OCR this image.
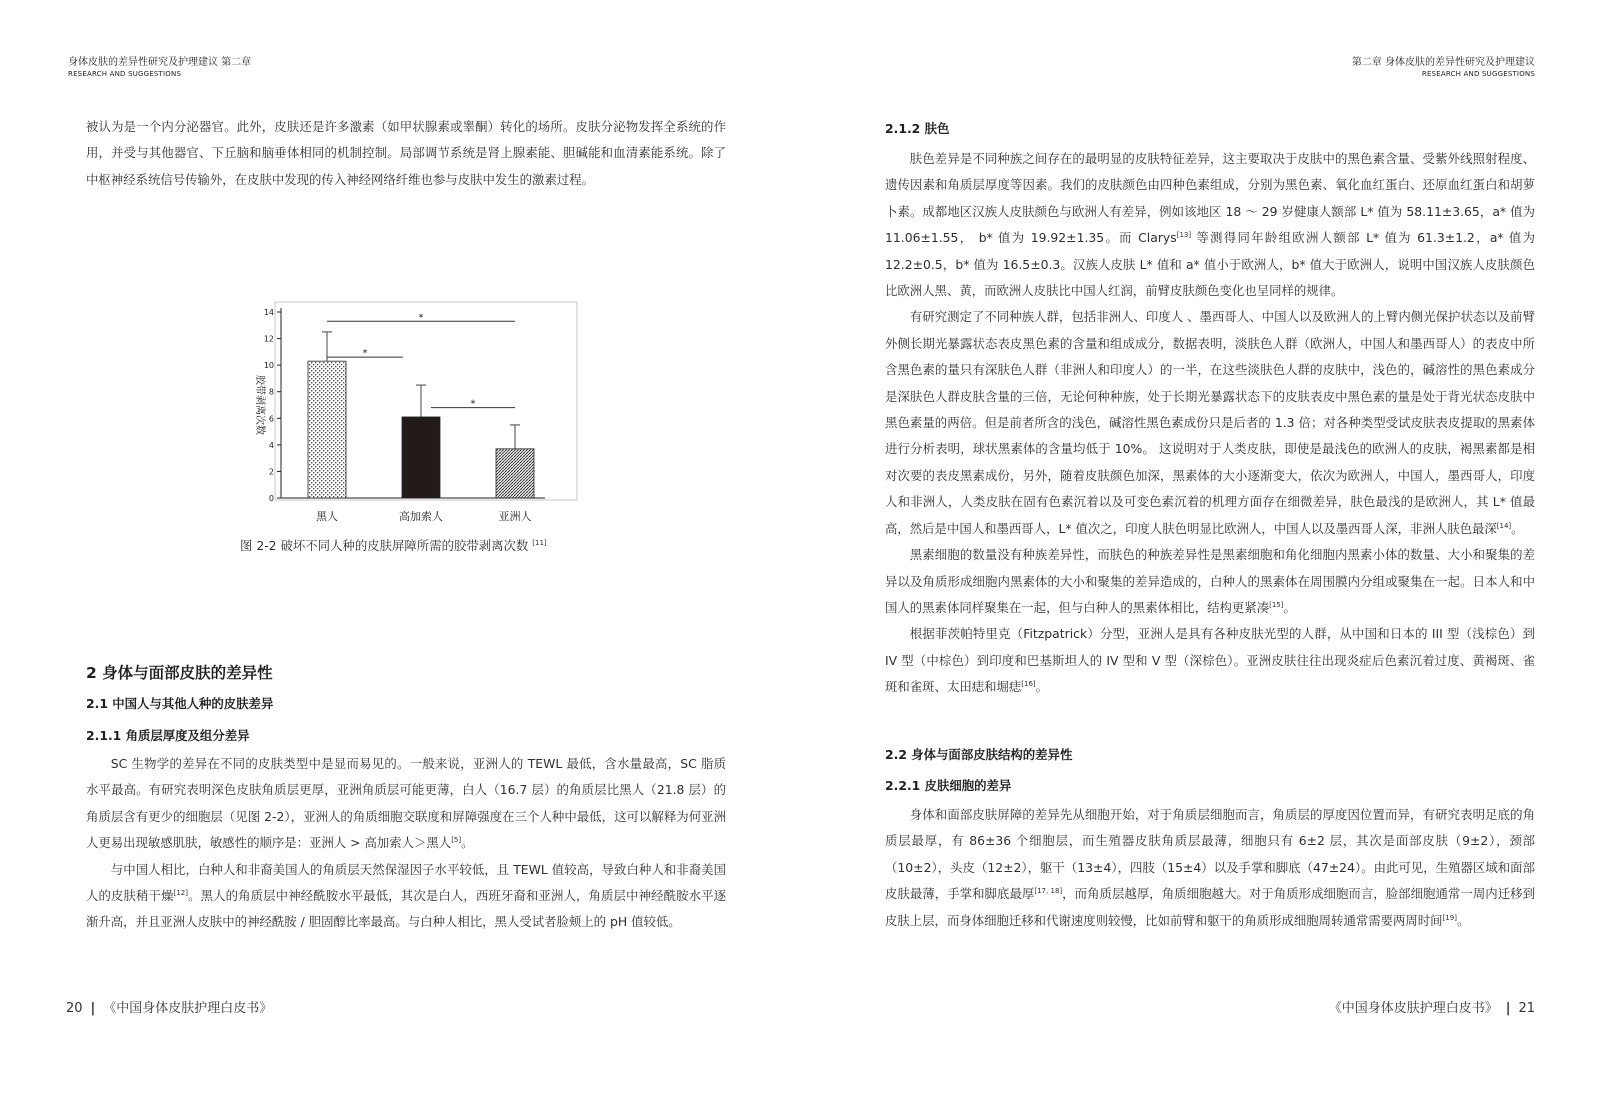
身体皮肤的差异性研究及护理建议 第二章
RESEARCH AND SUGGESTIONS

被认为是一个内分泌器官。此外，皮肤还是许多激素（如甲状腺素或睾酮）转化的场所。皮肤分泌物发挥全系统的作用，并受与其他器官、下丘脑和脑垂体相同的机制控制。局部调节系统是肾上腺素能、胆碱能和血清素能系统。除了中枢神经系统信号传输外，在皮肤中发现的传入神经网络纤维也参与皮肤中发生的激素过程。

0
2
4
6
8
10
12
14
胶带剥离次数
*
*
*
黑人	高加索人	亚洲人
图 2-2 破坏不同人种的皮肤屏障所需的胶带剥离次数 [11]
2 身体与面部皮肤的差异性
2.1 中国人与其他人种的皮肤差异
2.1.1 角质层厚度及组分差异

SC 生物学的差异在不同的皮肤类型中是显而易见的。一般来说，亚洲人的 TEWL 最低，含水量最高，SC 脂质水平最高。有研究表明深色皮肤角质层更厚，亚洲角质层可能更薄，白人（16.7 层）的角质层比黑人（21.8 层）的角质层含有更少的细胞层（见图 2-2），亚洲人的角质细胞交联度和屏障强度在三个人种中最低，这可以解释为何亚洲人更易出现敏感肌肤，敏感性的顺序是：亚洲人 > 高加索人＞黑人[5]。

与中国人相比，白种人和非裔美国人的角质层天然保湿因子水平较低，且 TEWL 值较高，导致白种人和非裔美国人的皮肤稍干燥[12]。黑人的角质层中神经酰胺水平最低，其次是白人，西班牙裔和亚洲人，角质层中神经酰胺水平逐渐升高，并且亚洲人皮肤中的神经酰胺 / 胆固醇比率最高。与白种人相比，黑人受试者脸颊上的 pH 值较低。

20 | 《中国身体皮肤护理白皮书》
第二章 身体皮肤的差异性研究及护理建议
RESEARCH AND SUGGESTIONS
2.1.2 肤色

肤色差异是不同种族之间存在的最明显的皮肤特征差异，这主要取决于皮肤中的黑色素含量、受紫外线照射程度、遗传因素和角质层厚度等因素。我们的皮肤颜色由四种色素组成，分别为黑色素、氧化血红蛋白、还原血红蛋白和胡萝卜素。成都地区汉族人皮肤颜色与欧洲人有差异，例如该地区 18 ～ 29 岁健康人额部 L* 值为 58.11±3.65，a* 值为 11.06±1.55， b* 值为 19.92±1.35。而 Clarys[13] 等测得同年龄组欧洲人额部 L* 值为 61.3±1.2，a* 值为 12.2±0.5，b* 值为 16.5±0.3。汉族人皮肤 L* 值和 a* 值小于欧洲人，b* 值大于欧洲人，说明中国汉族人皮肤颜色比欧洲人黑、黄，而欧洲人皮肤比中国人红润，前臂皮肤颜色变化也呈同样的规律。

有研究测定了不同种族人群，包括非洲人、印度人 、墨西哥人、中国人以及欧洲人的上臂内侧光保护状态以及前臂外侧长期光暴露状态表皮黑色素的含量和组成成分，数据表明，淡肤色人群（欧洲人，中国人和墨西哥人）的表皮中所含黑色素的量只有深肤色人群（非洲人和印度人）的一半，在这些淡肤色人群的皮肤中，浅色的，碱溶性的黑色素成分是深肤色人群皮肤含量的三倍，无论何种种族，处于长期光暴露状态下的皮肤表皮中黑色素的量是处于背光状态皮肤中黑色素量的两倍。但是前者所含的浅色，碱溶性黑色素成份只是后者的 1.3 倍；对各种类型受试皮肤表皮提取的黑素体进行分析表明，球状黑素体的含量均低于 10%。 这说明对于人类皮肤，即使是最浅色的欧洲人的皮肤，褐黑素都是相对次要的表皮黑素成份，另外，随着皮肤颜色加深，黑素体的大小逐渐变大，依次为欧洲人，中国人，墨西哥人，印度人和非洲人，人类皮肤在固有色素沉着以及可变色素沉着的机理方面存在细微差异，肤色最浅的是欧洲人，其 L* 值最高，然后是中国人和墨西哥人，L* 值次之，印度人肤色明显比欧洲人，中国人以及墨西哥人深，非洲人肤色最深[14]。

黑素细胞的数量没有种族差异性，而肤色的种族差异性是黑素细胞和角化细胞内黑素小体的数量、大小和聚集的差异以及角质形成细胞内黑素体的大小和聚集的差异造成的，白种人的黑素体在周围膜内分组或聚集在一起。日本人和中国人的黑素体同样聚集在一起，但与白种人的黑素体相比，结构更紧凑[15]。

根据菲茨帕特里克（Fitzpatrick）分型，亚洲人是具有各种皮肤光型的人群，从中国和日本的 III 型（浅棕色）到 IV 型（中棕色）到印度和巴基斯坦人的 IV 型和 V 型（深棕色）。亚洲皮肤往往出现炎症后色素沉着过度、黄褐斑、雀斑和雀斑、太田痣和堀痣[16]。

2.2 身体与面部皮肤结构的差异性
2.2.1 皮肤细胞的差异

身体和面部皮肤屏障的差异先从细胞开始，对于角质层细胞而言，角质层的厚度因位置而异，有研究表明足底的角质层最厚，有 86±36 个细胞层，而生殖器皮肤角质层最薄，细胞只有 6±2 层，其次是面部皮肤（9±2），颈部（10±2），头皮（12±2），躯干（13±4），四肢（15±4）以及手掌和脚底（47±24）。由此可见，生殖器区域和面部皮肤最薄，手掌和脚底最厚[17, 18]，而角质层越厚，角质细胞越大。对于角质形成细胞而言，脸部细胞通常一周内迁移到皮肤上层，而身体细胞迁移和代谢速度则较慢，比如前臂和躯干的角质形成细胞周转通常需要两周时间[19]。

《中国身体皮肤护理白皮书》 | 21
